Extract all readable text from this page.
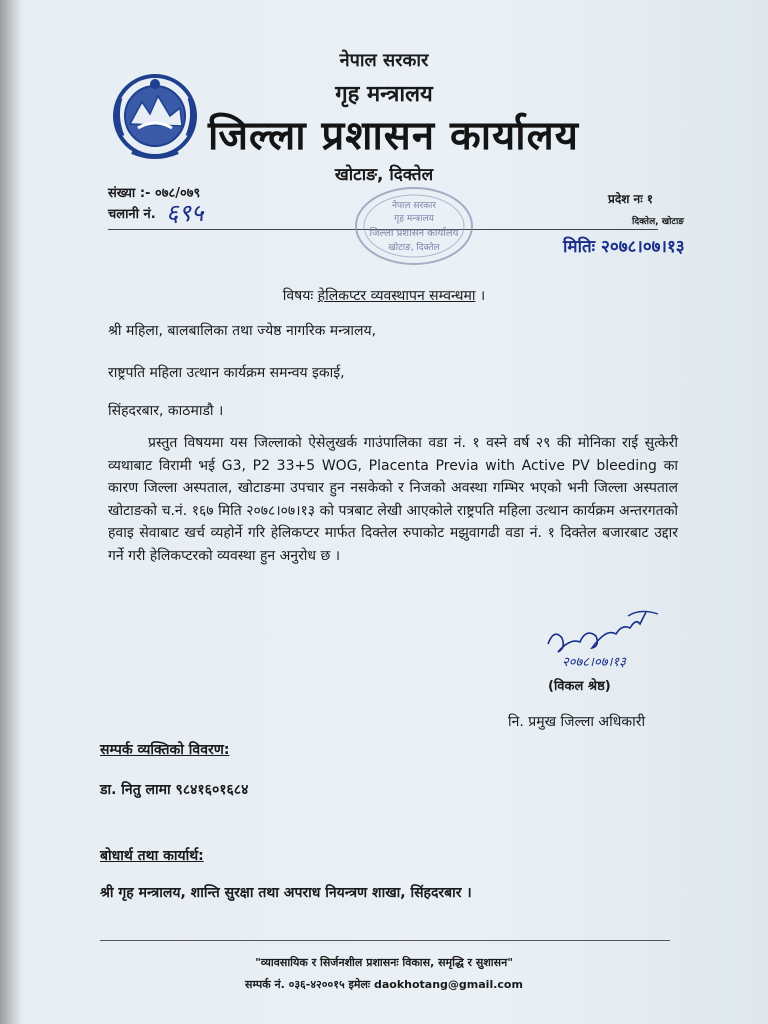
नेपाल सरकार
गृह मन्त्रालय
जिल्ला प्रशासन कार्यालय
खोटाङ, दिक्तेल
संख्या :- ०७८/०७९
चलानी नं. ६९५	प्रदेश नः १
दिक्तेल, खोटाङ
मितिः २०७८।०७।१३
नेपाल सरकार
गृह मन्त्रालय
जिल्ला प्रशासन कार्यालय
खोटाङ, दिक्तेल
विषयः हेलिकप्टर व्यवस्थापन सम्वन्धमा ।
श्री महिला, बालबालिका तथा ज्येष्ठ नागरिक मन्त्रालय,
राष्ट्रपति महिला उत्थान कार्यक्रम समन्वय इकाई,
सिंहदरबार, काठमाडौ ।

प्रस्तुत विषयमा यस जिल्लाको ऐसेलुखर्क गाउंपालिका वडा नं. १ वस्ने वर्ष २९ की मोनिका राई सुत्केरी व्यथाबाट विरामी भई G3, P2 33+5 WOG, Placenta Previa with Active PV bleeding का कारण जिल्ला अस्पताल, खोटाङमा उपचार हुन नसकेको र निजको अवस्था गम्भिर भएको भनी जिल्ला अस्पताल खोटाङको च.नं. १६७ मिति २०७८।०७।१३ को पत्रबाट लेखी आएकोले राष्ट्रपति महिला उत्थान कार्यक्रम अन्तरगतको हवाइ सेवाबाट खर्च व्यहोर्ने गरि हेलिकप्टर मार्फत दिक्तेल रुपाकोट मझुवागढी वडा नं. १ दिक्तेल बजारबाट उद्दार गर्ने गरी हेलिकप्टरको व्यवस्था हुन अनुरोध छ ।

२०७८।०७।१३
(विकल श्रेष्ठ)
नि. प्रमुख जिल्ला अधिकारी
सम्पर्क व्यक्तिको विवरण:
डा. नितु लामा ९८४१६०१६८४
बोधार्थ तथा कार्यार्थ:
श्री गृह मन्त्रालय, शान्ति सुरक्षा तथा अपराध नियन्त्रण शाखा, सिंहदरबार ।
"व्यावसायिक र सिर्जनशील प्रशासनः विकास, समृद्धि र सुशासन"
सम्पर्क नं. ०३६-४२००१५ इमेलः daokhotang@gmail.com
